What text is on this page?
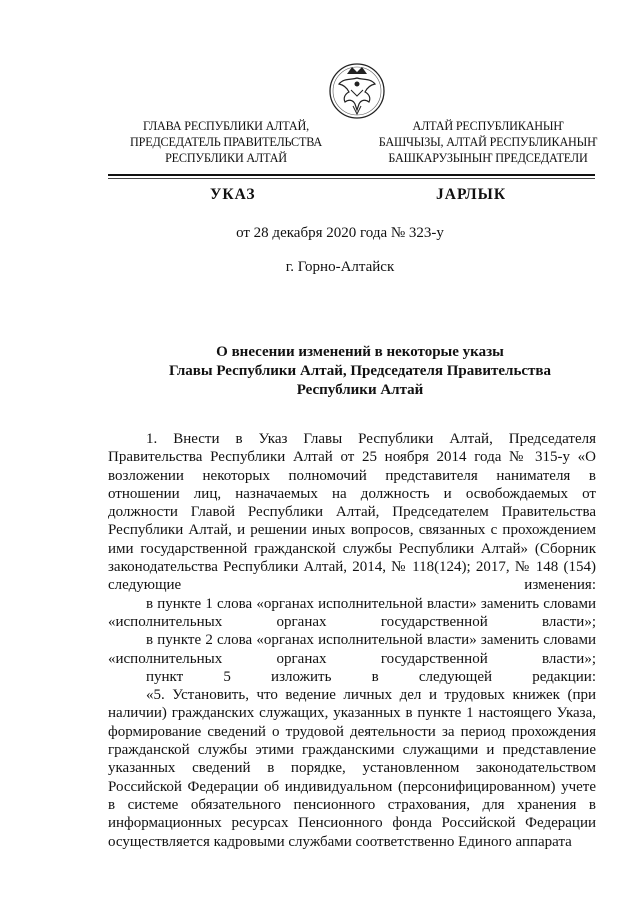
ГЛАВА РЕСПУБЛИКИ АЛТАЙ,
ПРЕДСЕДАТЕЛЬ ПРАВИТЕЛЬСТВА
РЕСПУБЛИКИ АЛТАЙ
АЛТАЙ РЕСПУБЛИКАНЫҤ
БАШЧЫЗЫ, АЛТАЙ РЕСПУБЛИКАНЫҤ
БАШКАРУЗЫНЫҤ ПРЕДСЕДАТЕЛИ
УКАЗ	ЈАРЛЫК
от 28 декабря 2020 года № 323-у
г. Горно-Алтайск
О внесении изменений в некоторые указы
Главы Республики Алтай, Председателя Правительства
Республики Алтай

1. Внести в Указ Главы Республики Алтай, Председателя Правительства Республики Алтай от 25 ноября 2014 года № 315-у «О возложении некоторых полномочий представителя нанимателя в отношении лиц, назначаемых на должность и освобождаемых от должности Главой Республики Алтай, Председателем Правительства Республики Алтай, и решении иных вопросов, связанных с прохождением ими государственной гражданской службы Республики Алтай» (Сборник законодательства Республики Алтай, 2014, № 118(124); 2017, № 148 (154) следующие изменения:

в пункте 1 слова «органах исполнительной власти» заменить словами «исполнительных органах государственной власти»;

в пункте 2 слова «органах исполнительной власти» заменить словами «исполнительных органах государственной власти»;

пункт 5 изложить в следующей редакции:

«5. Установить, что ведение личных дел и трудовых книжек (при наличии) гражданских служащих, указанных в пункте 1 настоящего Указа, формирование сведений о трудовой деятельности за период прохождения гражданской службы этими гражданскими служащими и представление указанных сведений в порядке, установленном законодательством Российской Федерации об индивидуальном (персонифицированном) учете в системе обязательного пенсионного страхования, для хранения в информационных ресурсах Пенсионного фонда Российской Федерации осуществляется кадровыми службами соответственно Единого аппарата
